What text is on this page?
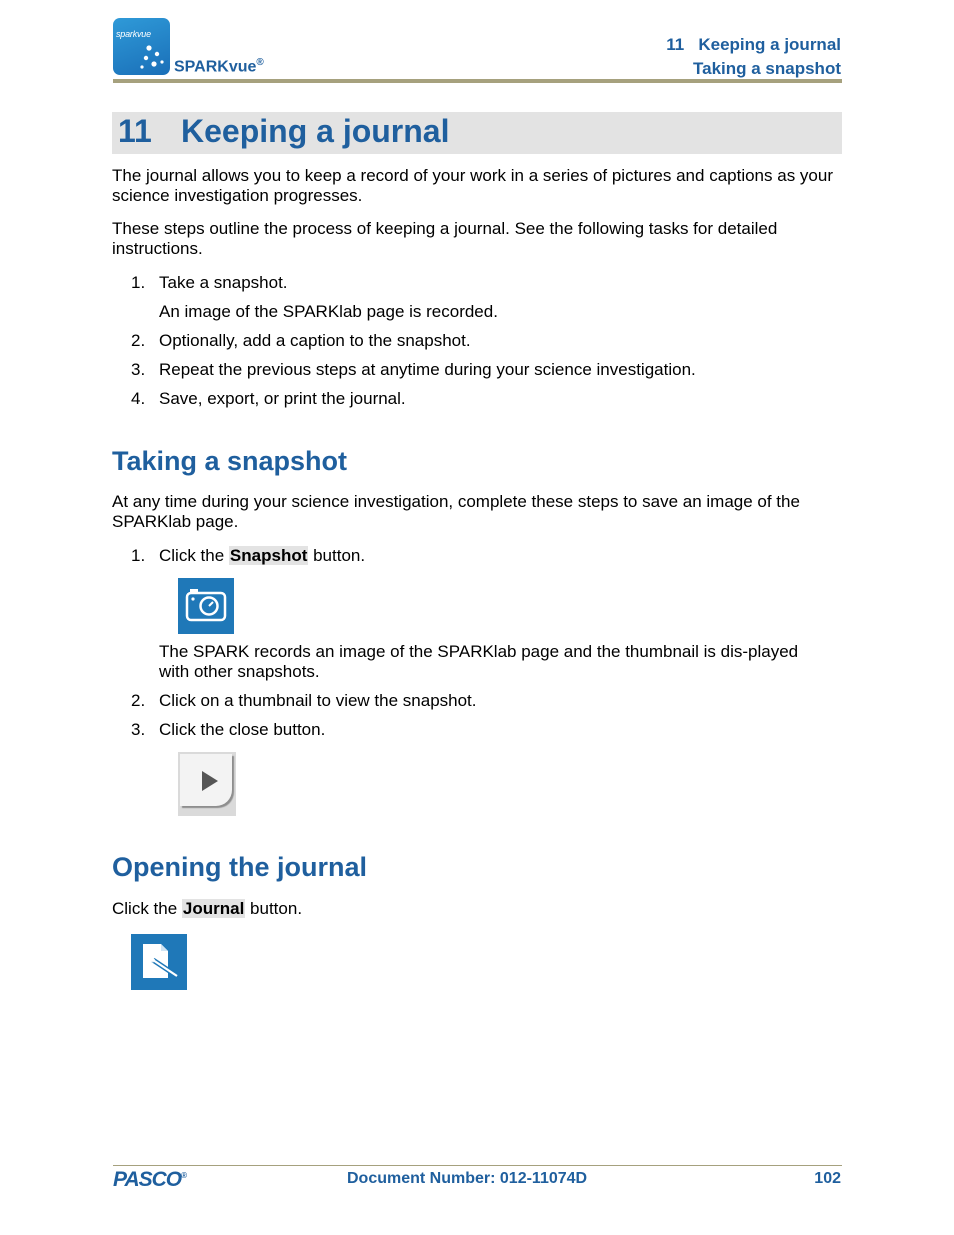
sparkvue
SPARKvue®
11   Keeping a journal
Taking a snapshot
11 Keeping a journal
The journal allows you to keep a record of your work in a series of pictures and captions as your science investigation progresses.
These steps outline the process of keeping a journal. See the following tasks for detailed instructions.
1. Take a snapshot.
An image of the SPARKlab page is recorded.
2. Optionally, add a caption to the snapshot.
3. Repeat the previous steps at anytime during your science investigation.
4. Save, export, or print the journal.
Taking a snapshot
At any time during your science investigation, complete these steps to save an image of the SPARKlab page.
1. Click the Snapshot button.
The SPARK records an image of the SPARKlab page and the thumbnail is dis-played with other snapshots.
2. Click on a thumbnail to view the snapshot.
3. Click the close button.
Opening the journal
Click the Journal button.
PASCO®	Document Number: 012-11074D	102
